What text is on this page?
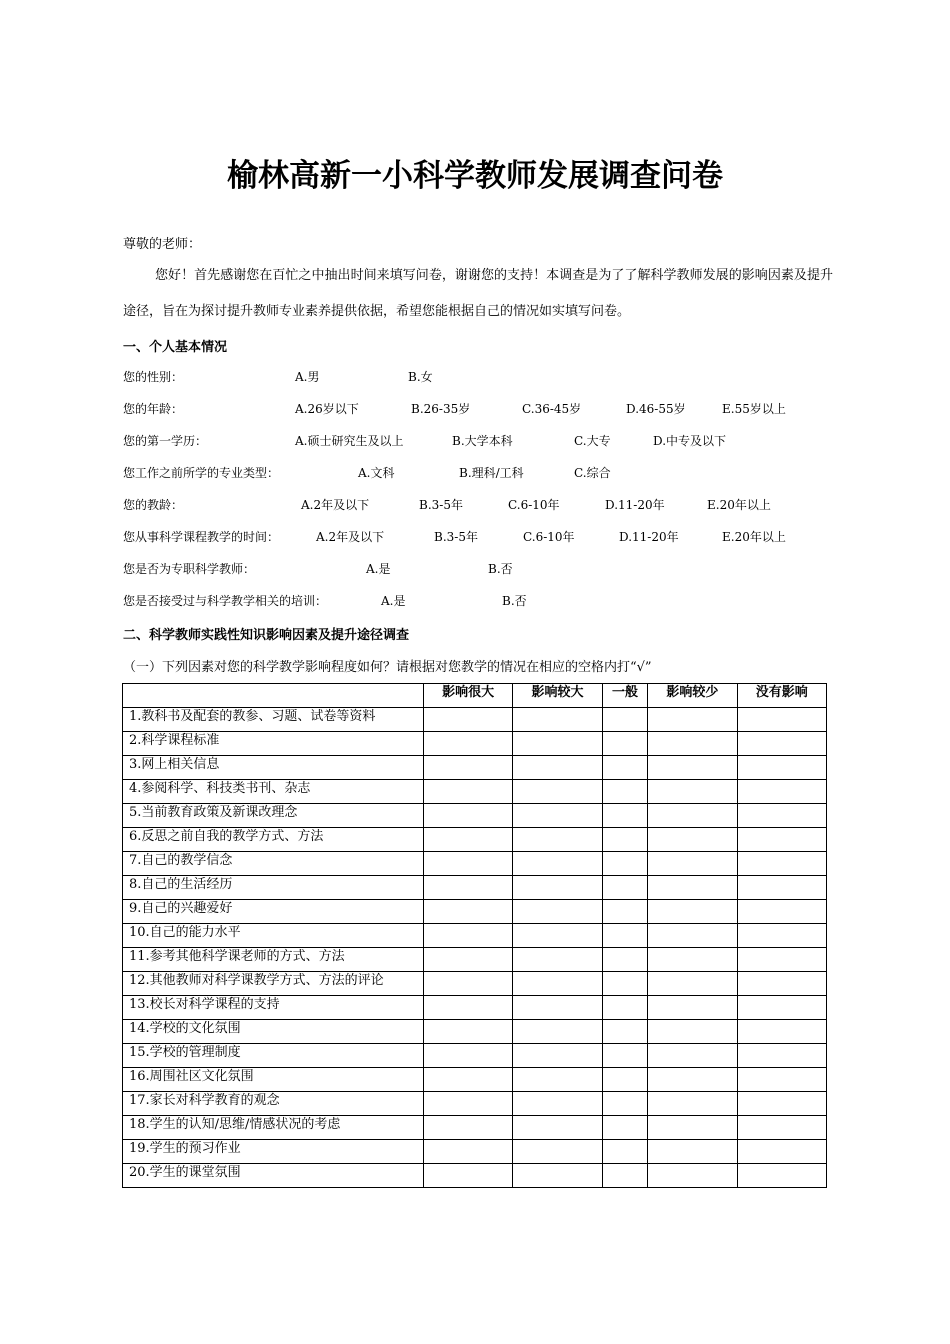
榆林高新一小科学教师发展调查问卷
尊敬的老师：

您好！首先感谢您在百忙之中抽出时间来填写问卷，谢谢您的支持！本调查是为了了解科学教师发展的影响因素及提升途径，旨在为探讨提升教师专业素养提供依据，希望您能根据自己的情况如实填写问卷。

一、个人基本情况
您的性别：	A.男	B.女
您的年龄：	A.26岁以下	B.26-35岁	C.36-45岁	D.46-55岁	E.55岁以上
您的第一学历：	A.硕士研究生及以上	B.大学本科	C.大专	D.中专及以下
您工作之前所学的专业类型：	A.文科	B.理科/工科	C.综合
您的教龄：	A.2年及以下	B.3-5年	C.6-10年	D.11-20年	E.20年以上
您从事科学课程教学的时间：	A.2年及以下	B.3-5年	C.6-10年	D.11-20年	E.20年以上
您是否为专职科学教师：	A.是	B.否
您是否接受过与科学教学相关的培训：	A.是	B.否
二、科学教师实践性知识影响因素及提升途径调查
（一）下列因素对您的科学教学影响程度如何？请根据对您教学的情况在相应的空格内打“√”
	影响很大	影响较大	一般	影响较少	没有影响
1.教科书及配套的教参、习题、试卷等资料					
2.科学课程标准					
3.网上相关信息					
4.参阅科学、科技类书刊、杂志					
5.当前教育政策及新课改理念					
6.反思之前自我的教学方式、方法					
7.自己的教学信念					
8.自己的生活经历					
9.自己的兴趣爱好					
10.自己的能力水平					
11.参考其他科学课老师的方式、方法					
12.其他教师对科学课教学方式、方法的评论					
13.校长对科学课程的支持					
14.学校的文化氛围					
15.学校的管理制度					
16.周围社区文化氛围					
17.家长对科学教育的观念					
18.学生的认知/思维/情感状况的考虑					
19.学生的预习作业					
20.学生的课堂氛围					
